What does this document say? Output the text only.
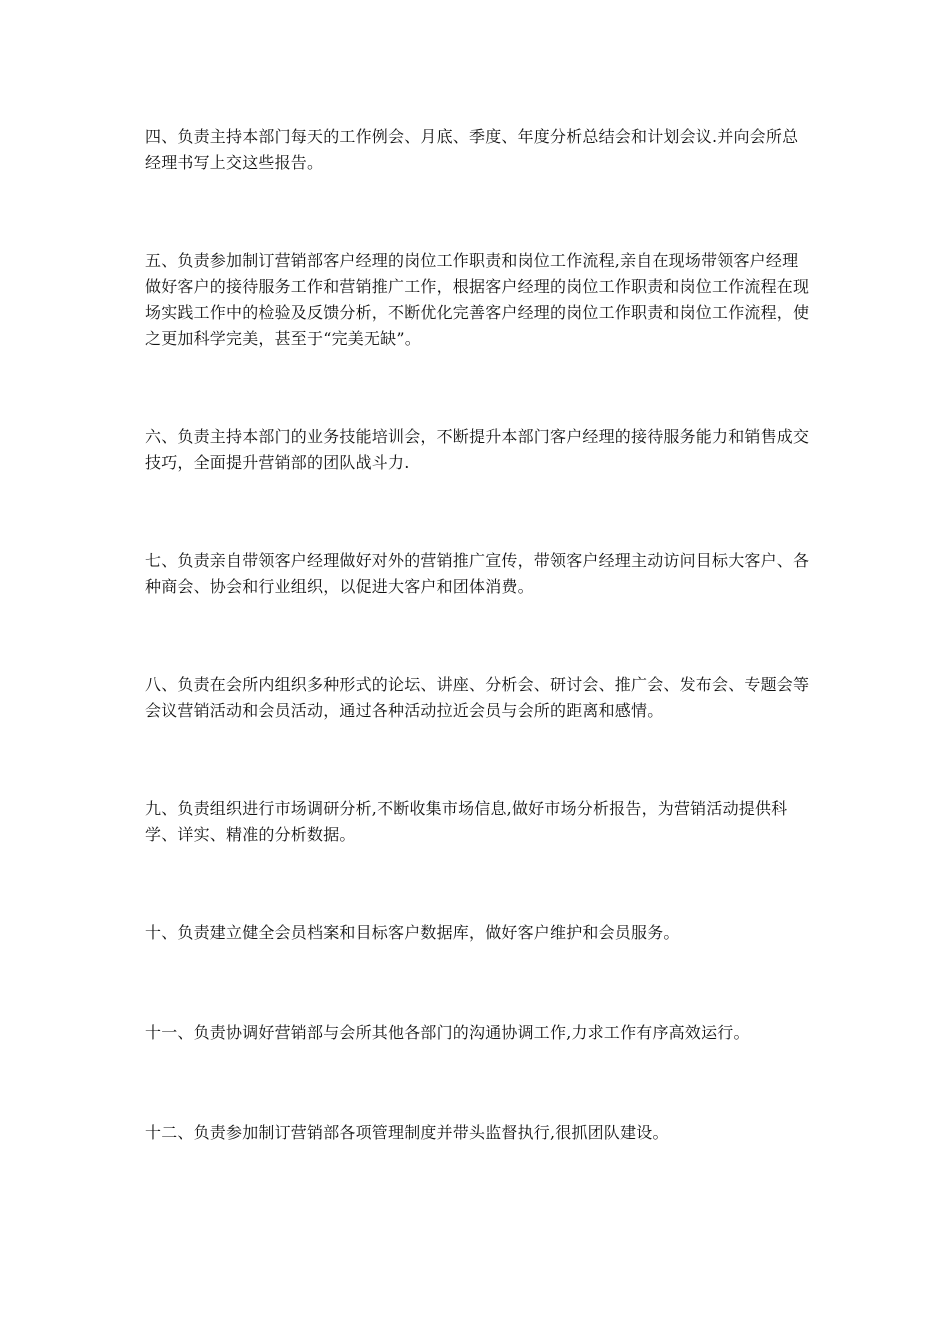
四、负责主持本部门每天的工作例会、月底、季度、年度分析总结会和计划会议.并向会所总经理书写上交这些报告。

五、负责参加制订营销部客户经理的岗位工作职责和岗位工作流程,亲自在现场带领客户经理做好客户的接待服务工作和营销推广工作，根据客户经理的岗位工作职责和岗位工作流程在现场实践工作中的检验及反馈分析，不断优化完善客户经理的岗位工作职责和岗位工作流程，使之更加科学完美，甚至于“完美无缺”。

六、负责主持本部门的业务技能培训会，不断提升本部门客户经理的接待服务能力和销售成交技巧，全面提升营销部的团队战斗力.

七、负责亲自带领客户经理做好对外的营销推广宣传，带领客户经理主动访问目标大客户、各种商会、协会和行业组织，以促进大客户和团体消费。

八、负责在会所内组织多种形式的论坛、讲座、分析会、研讨会、推广会、发布会、专题会等会议营销活动和会员活动，通过各种活动拉近会员与会所的距离和感情。

九、负责组织进行市场调研分析,不断收集市场信息,做好市场分析报告，为营销活动提供科学、详实、精准的分析数据。

十、负责建立健全会员档案和目标客户数据库，做好客户维护和会员服务。

十一、负责协调好营销部与会所其他各部门的沟通协调工作,力求工作有序高效运行。

十二、负责参加制订营销部各项管理制度并带头监督执行,很抓团队建设。
